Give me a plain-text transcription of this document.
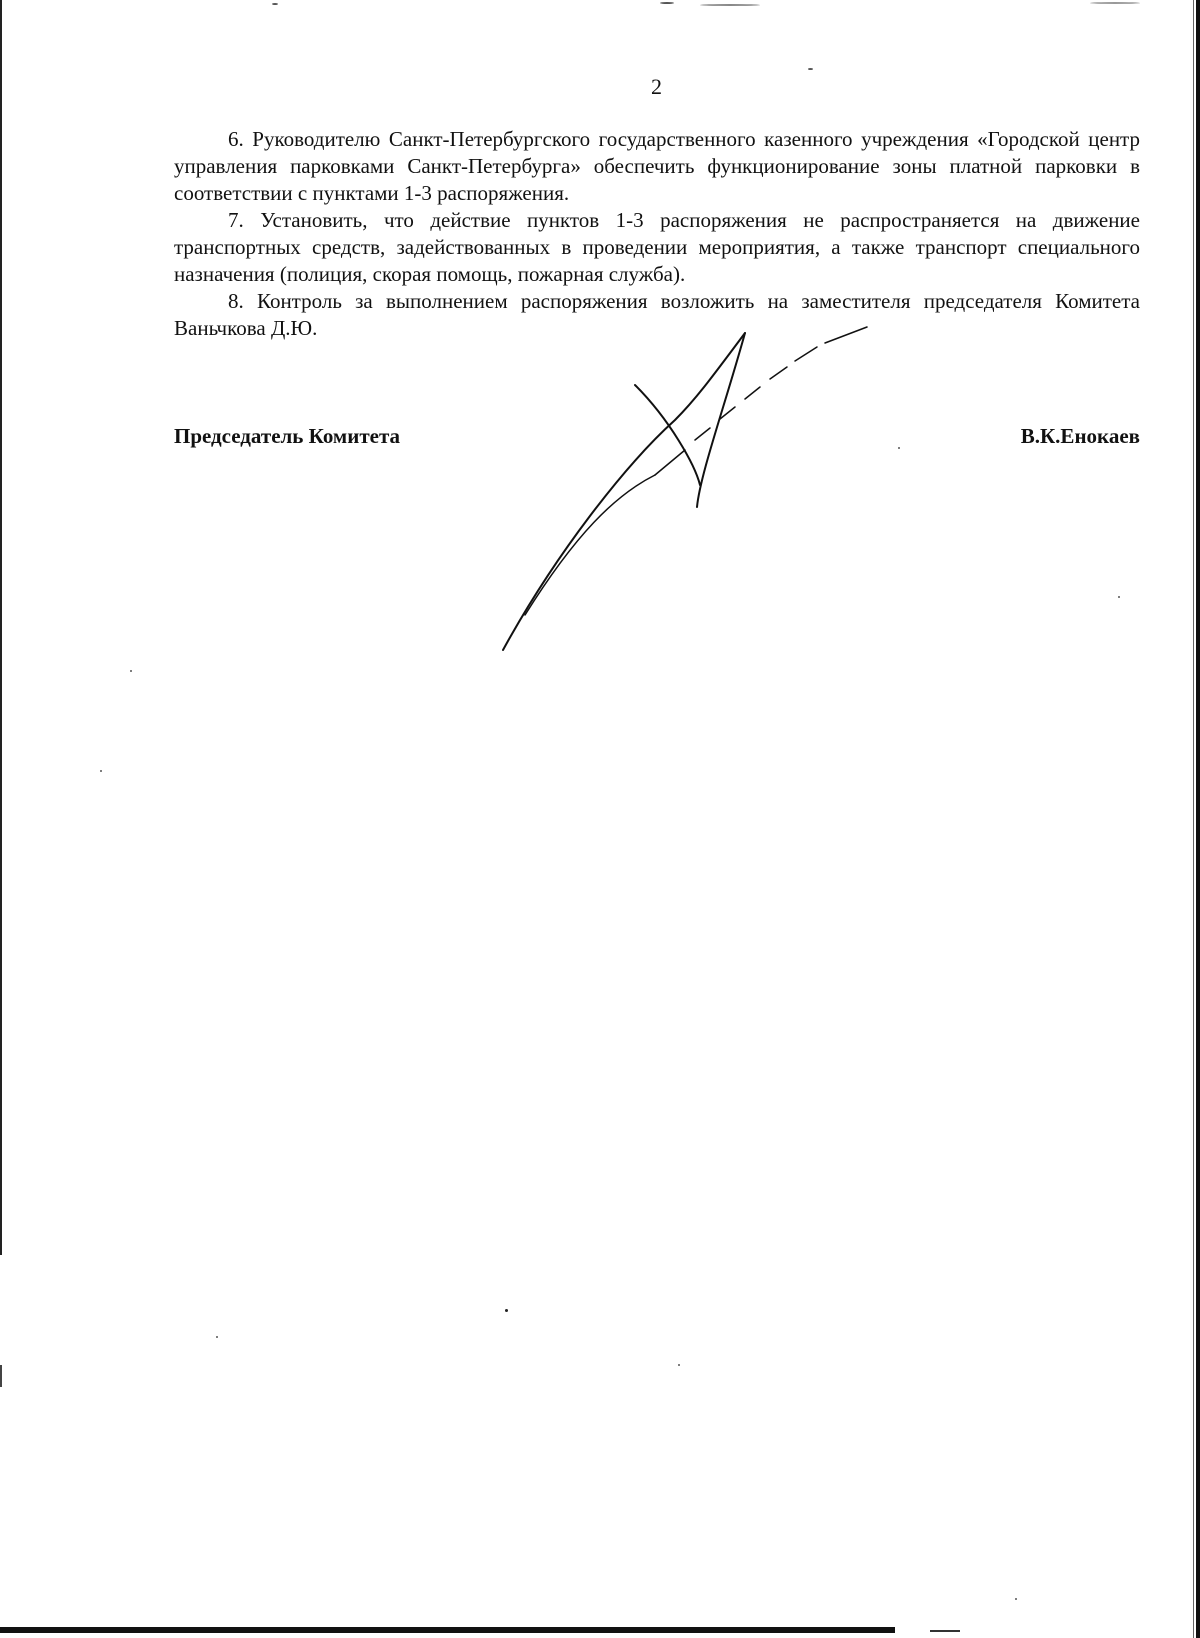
2

6. Руководителю Санкт-Петербургского государственного казенного учреждения «Городской центр управления парковками Санкт-Петербурга» обеспечить функционирование зоны платной парковки в соответствии с пунктами 1-3 распоряжения.

7. Установить, что действие пунктов 1-3 распоряжения не распространяется на движение транспортных средств, задействованных в проведении мероприятия, а также транспорт специального назначения (полиция, скорая помощь, пожарная служба).

8. Контроль за выполнением распоряжения возложить на заместителя председателя Комитета Ваньчкова Д.Ю.

Председатель Комитета	В.К.Енокаев
